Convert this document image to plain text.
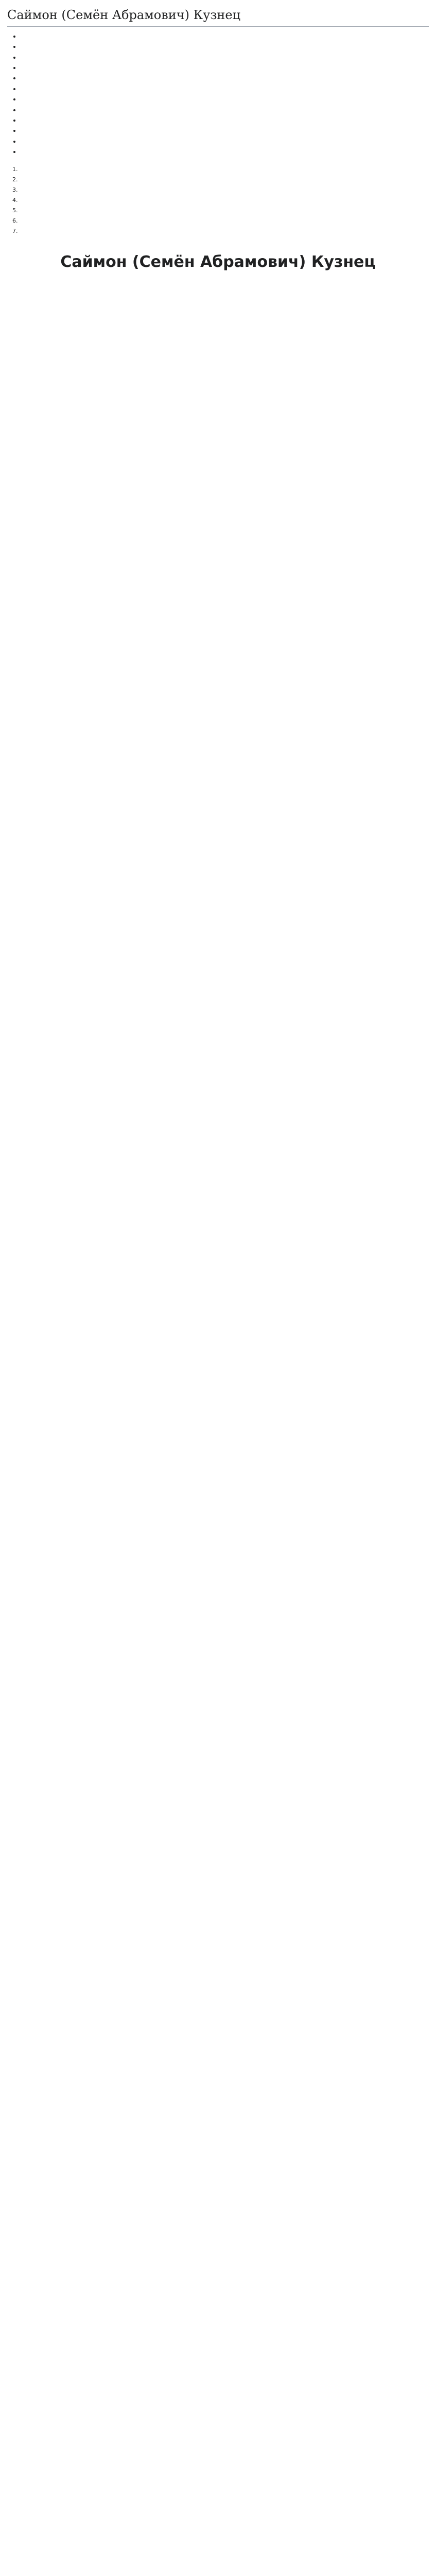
Саймон (Семён Абрамович) Кузнец

•
•
•
•
•
•
•
•
•
•
•
•

1.
2.
3.
4.
5.
6.
7.
Саймон (Семён Абрамович) Кузнец
